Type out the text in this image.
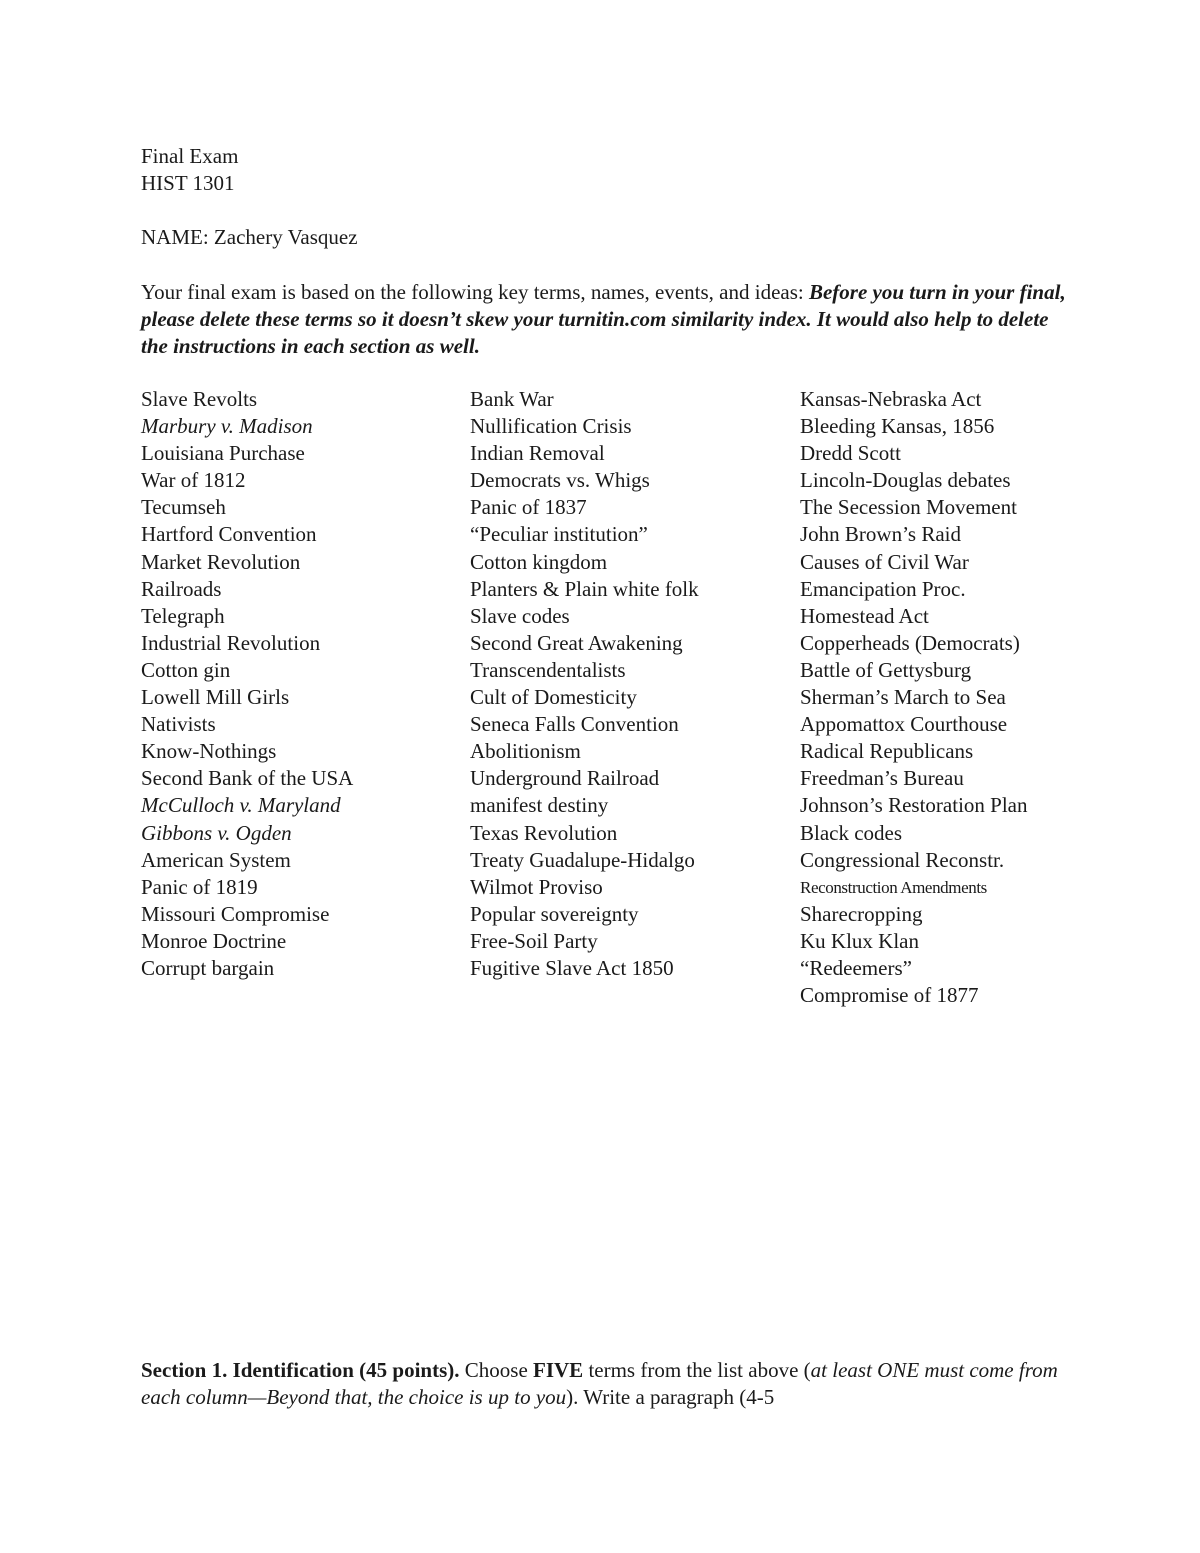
Final Exam
HIST 1301
NAME: Zachery Vasquez
Your final exam is based on the following key terms, names, events, and ideas: Before you turn in your final, please delete these terms so it doesn’t skew your turnitin.com similarity index. It would also help to delete the instructions in each section as well.
Slave Revolts
Marbury v. Madison
Louisiana Purchase
War of 1812
Tecumseh
Hartford Convention
Market Revolution
Railroads
Telegraph
Industrial Revolution
Cotton gin
Lowell Mill Girls
Nativists
Know-Nothings
Second Bank of the USA
McCulloch v. Maryland
Gibbons v. Ogden
American System
Panic of 1819
Missouri Compromise
Monroe Doctrine
Corrupt bargain
Bank War
Nullification Crisis
Indian Removal
Democrats vs. Whigs
Panic of 1837
“Peculiar institution”
Cotton kingdom
Planters & Plain white folk
Slave codes
Second Great Awakening
Transcendentalists
Cult of Domesticity
Seneca Falls Convention
Abolitionism
Underground Railroad
manifest destiny
Texas Revolution
Treaty Guadalupe-Hidalgo
Wilmot Proviso
Popular sovereignty
Free-Soil Party
Fugitive Slave Act 1850
Kansas-Nebraska Act
Bleeding Kansas, 1856
Dredd Scott
Lincoln-Douglas debates
The Secession Movement
John Brown’s Raid
Causes of Civil War
Emancipation Proc.
Homestead Act
Copperheads (Democrats)
Battle of Gettysburg
Sherman’s March to Sea
Appomattox Courthouse
Radical Republicans
Freedman’s Bureau
Johnson’s Restoration Plan
Black codes
Congressional Reconstr.
Reconstruction Amendments
Sharecropping
Ku Klux Klan
“Redeemers”
Compromise of 1877
Section 1. Identification (45 points). Choose FIVE terms from the list above (at least ONE must come from each column—Beyond that, the choice is up to you). Write a paragraph (4-5
